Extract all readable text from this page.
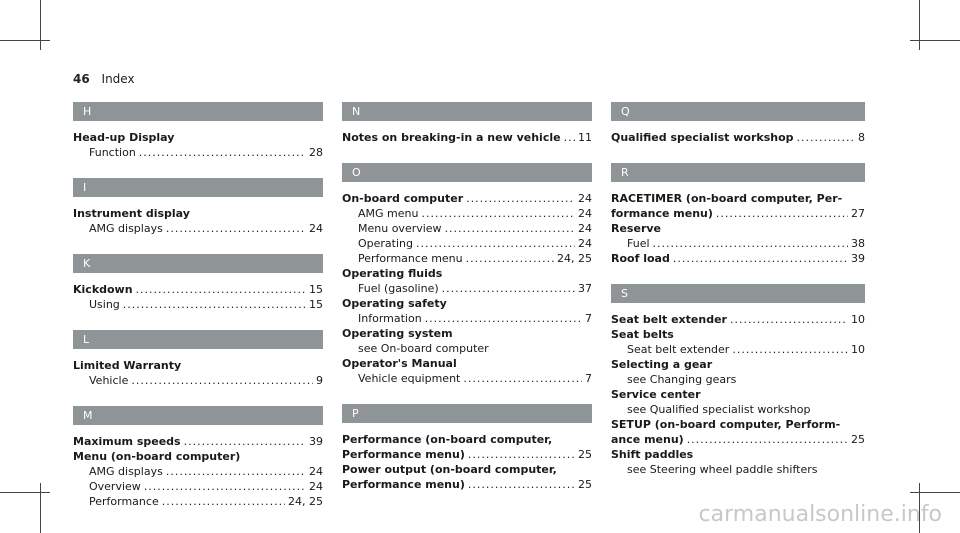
46 Index
H
Head-up Display
Function .....	28
I
Instrument display
AMG displays .....	24
K
Kickdown .....	15
Using .....	15
L
Limited Warranty
Vehicle .....	9
M
Maximum speeds .....	39
Menu (on-board computer)
AMG displays .....	24
Overview .....	24
Performance .....	24, 25
N
Notes on breaking-in a new vehicle ..... 11
O
On-board computer .....	24
AMG menu .....	24
Menu overview .....	24
Operating .....	24
Performance menu .....	24, 25
Operating fluids
Fuel (gasoline) .....	37
Operating safety
Information .....	7
Operating system
see On-board computer
Operator's Manual
Vehicle equipment .....	7
P
Performance (on-board computer,
Performance menu) .....	25
Power output (on-board computer,
Performance menu) .....	25
Q
Qualified specialist workshop .....	8
R
RACETIMER (on-board computer, Per-
formance menu) .....	27
Reserve
Fuel .....	38
Roof load .....	39
S
Seat belt extender .....	10
Seat belts
Seat belt extender .....	10
Selecting a gear
see Changing gears
Service center
see Qualified specialist workshop
SETUP (on-board computer, Perform-
ance menu) .....	25
Shift paddles
see Steering wheel paddle shifters
carmanualsonline.info
